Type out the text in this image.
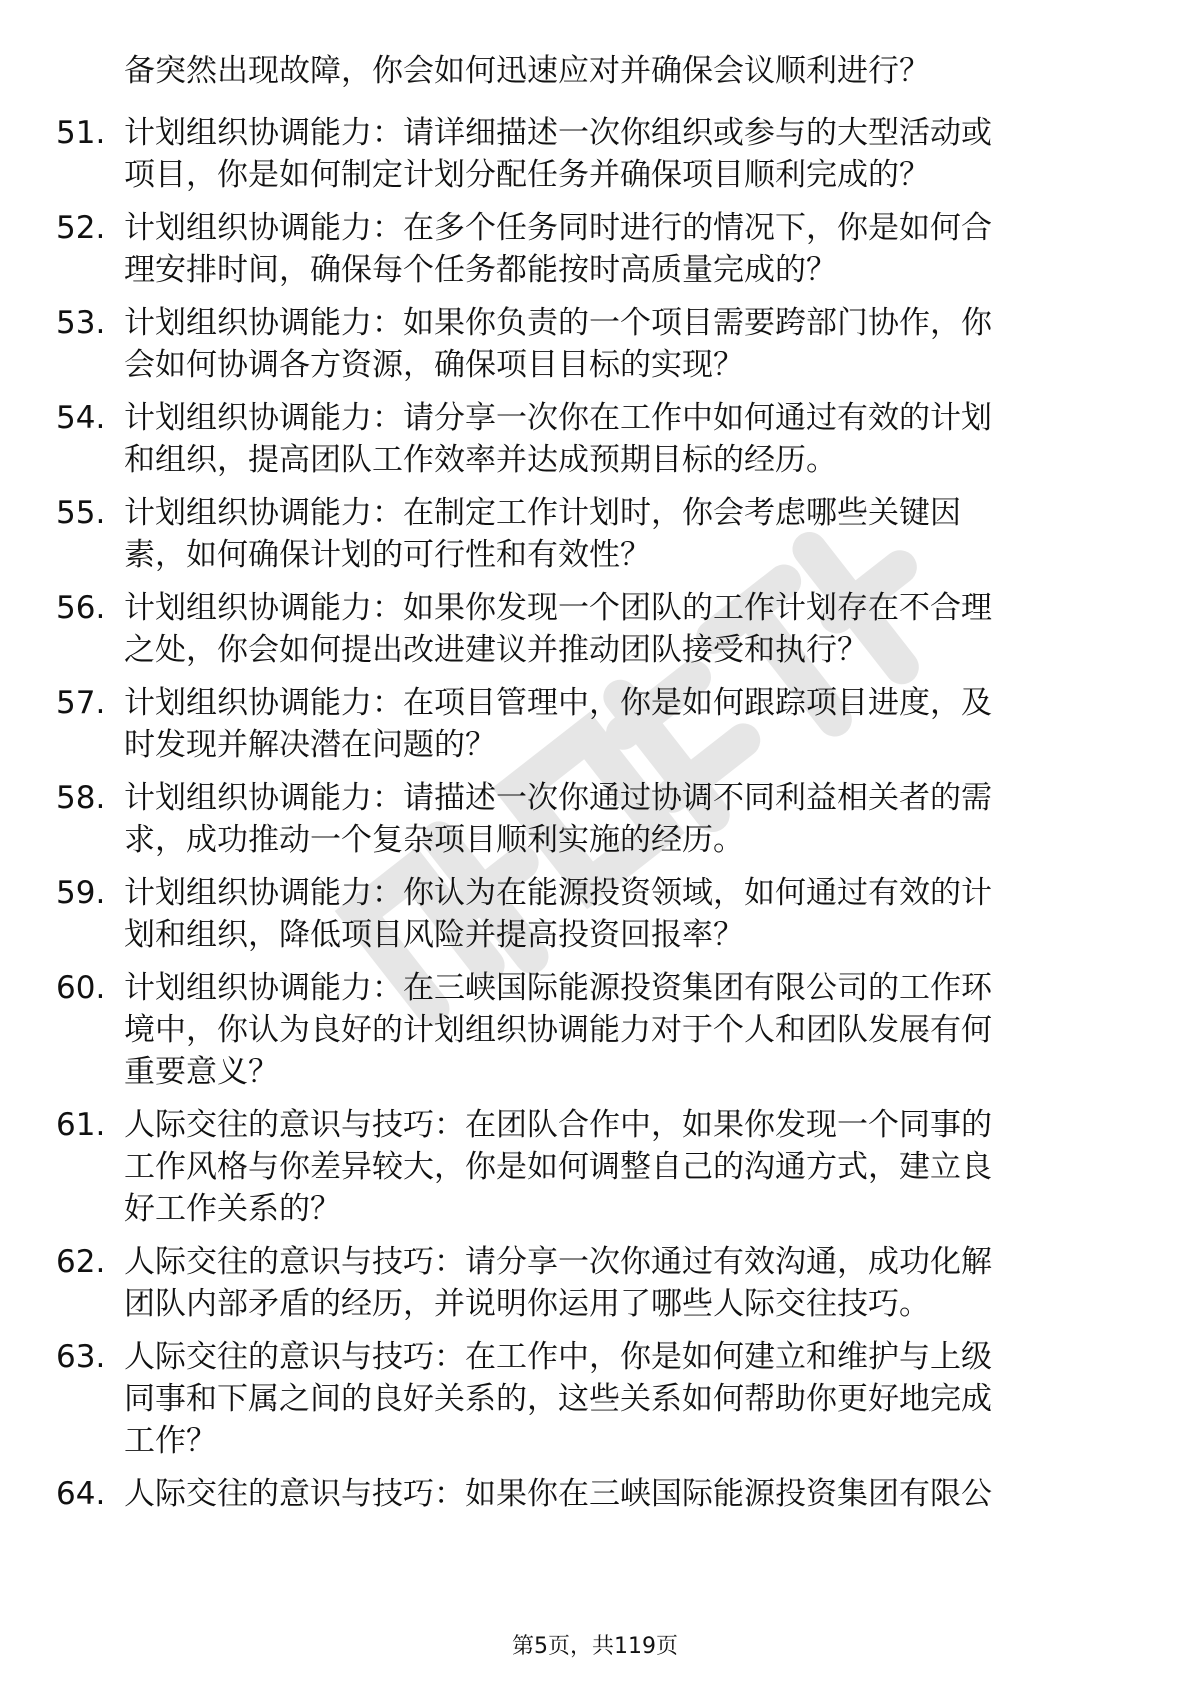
备突然出现故障，你会如何迅速应对并确保会议顺利进行？
51. 计划组织协调能力：请详细描述一次你组织或参与的大型活动或
项目，你是如何制定计划分配任务并确保项目顺利完成的？
52. 计划组织协调能力：在多个任务同时进行的情况下，你是如何合
理安排时间，确保每个任务都能按时高质量完成的？
53. 计划组织协调能力：如果你负责的一个项目需要跨部门协作，你
会如何协调各方资源，确保项目目标的实现？
54. 计划组织协调能力：请分享一次你在工作中如何通过有效的计划
和组织，提高团队工作效率并达成预期目标的经历。
55. 计划组织协调能力：在制定工作计划时，你会考虑哪些关键因
素，如何确保计划的可行性和有效性？
56. 计划组织协调能力：如果你发现一个团队的工作计划存在不合理
之处，你会如何提出改进建议并推动团队接受和执行？
57. 计划组织协调能力：在项目管理中，你是如何跟踪项目进度，及
时发现并解决潜在问题的？
58. 计划组织协调能力：请描述一次你通过协调不同利益相关者的需
求，成功推动一个复杂项目顺利实施的经历。
59. 计划组织协调能力：你认为在能源投资领域，如何通过有效的计
划和组织，降低项目风险并提高投资回报率？
60. 计划组织协调能力：在三峡国际能源投资集团有限公司的工作环
境中，你认为良好的计划组织协调能力对于个人和团队发展有何
重要意义？
61. 人际交往的意识与技巧：在团队合作中，如果你发现一个同事的
工作风格与你差异较大，你是如何调整自己的沟通方式，建立良
好工作关系的？
62. 人际交往的意识与技巧：请分享一次你通过有效沟通，成功化解
团队内部矛盾的经历，并说明你运用了哪些人际交往技巧。
63. 人际交往的意识与技巧：在工作中，你是如何建立和维护与上级
同事和下属之间的良好关系的，这些关系如何帮助你更好地完成
工作？
64. 人际交往的意识与技巧：如果你在三峡国际能源投资集团有限公
第5页，共119页
